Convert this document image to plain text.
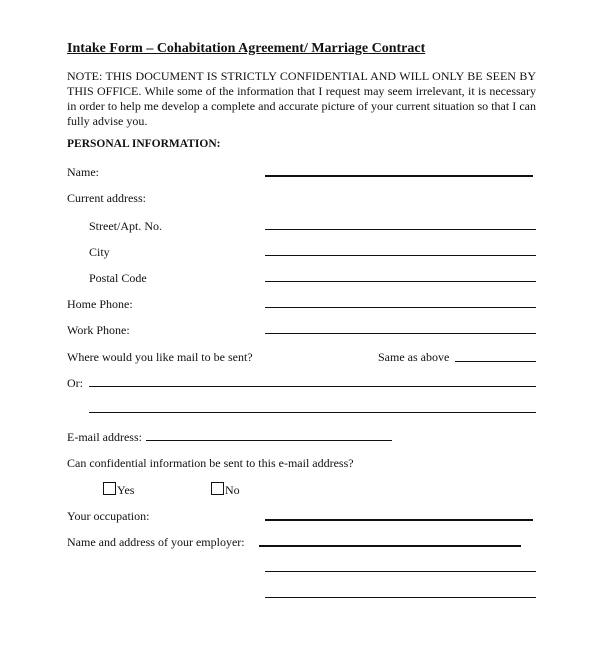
Intake Form – Cohabitation Agreement/ Marriage Contract
NOTE: THIS DOCUMENT IS STRICTLY CONFIDENTIAL AND WILL ONLY BE SEEN BY THIS OFFICE. While some of the information that I request may seem irrelevant, it is necessary in order to help me develop a complete and accurate picture of your current situation so that I can fully advise you.
PERSONAL INFORMATION:
Name:
Current address:
Street/Apt. No.
City
Postal Code
Home Phone:
Work Phone:
Where would you like mail to be sent?	Same as above
Or:
E-mail address:
Can confidential information be sent to this e-mail address?
Yes	No
Your occupation:
Name and address of your employer:
